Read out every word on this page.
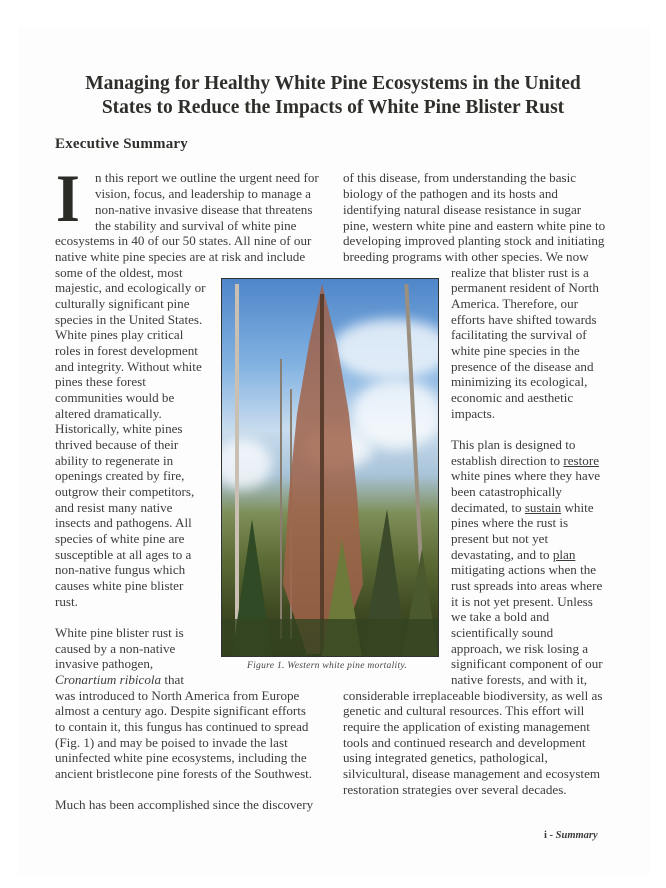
Managing for Healthy White Pine Ecosystems in the United
States to Reduce the Impacts of White Pine Blister Rust
Executive Summary
I n this report we outline the urgent need for
vision, focus, and leadership to manage a
non-native invasive disease that threatens
the stability and survival of white pine
ecosystems in 40 of our 50 states. All nine of our
native white pine species are at risk and include
some of the oldest, most
majestic, and ecologically or
culturally significant pine
species in the United States.
White pines play critical
roles in forest development
and integrity. Without white
pines these forest
communities would be
altered dramatically.
Historically, white pines
thrived because of their
ability to regenerate in
openings created by fire,
outgrow their competitors,
and resist many native
insects and pathogens. All
species of white pine are
susceptible at all ages to a
non-native fungus which
causes white pine blister
rust.
White pine blister rust is
caused by a non-native
invasive pathogen,
Cronartium ribicola that
was introduced to North America from Europe
almost a century ago. Despite significant efforts
to contain it, this fungus has continued to spread
(Fig. 1) and may be poised to invade the last
uninfected white pine ecosystems, including the
ancient bristlecone pine forests of the Southwest.
Much has been accomplished since the discovery
of this disease, from understanding the basic
biology of the pathogen and its hosts and
identifying natural disease resistance in sugar
pine, western white pine and eastern white pine to
developing improved planting stock and initiating
breeding programs with other species. We now
realize that blister rust is a
permanent resident of North
America. Therefore, our
efforts have shifted towards
facilitating the survival of
white pine species in the
presence of the disease and
minimizing its ecological,
economic and aesthetic
impacts.
This plan is designed to
establish direction to restore
white pines where they have
been catastrophically
decimated, to sustain white
pines where the rust is
present but not yet
devastating, and to plan
mitigating actions when the
rust spreads into areas where
it is not yet present. Unless
we take a bold and
scientifically sound
approach, we risk losing a
significant component of our
native forests, and with it,
considerable irreplaceable biodiversity, as well as
genetic and cultural resources. This effort will
require the application of existing management
tools and continued research and development
using integrated genetics, pathological,
silvicultural, disease management and ecosystem
restoration strategies over several decades.
Figure 1. Western white pine mortality.
i - Summary
